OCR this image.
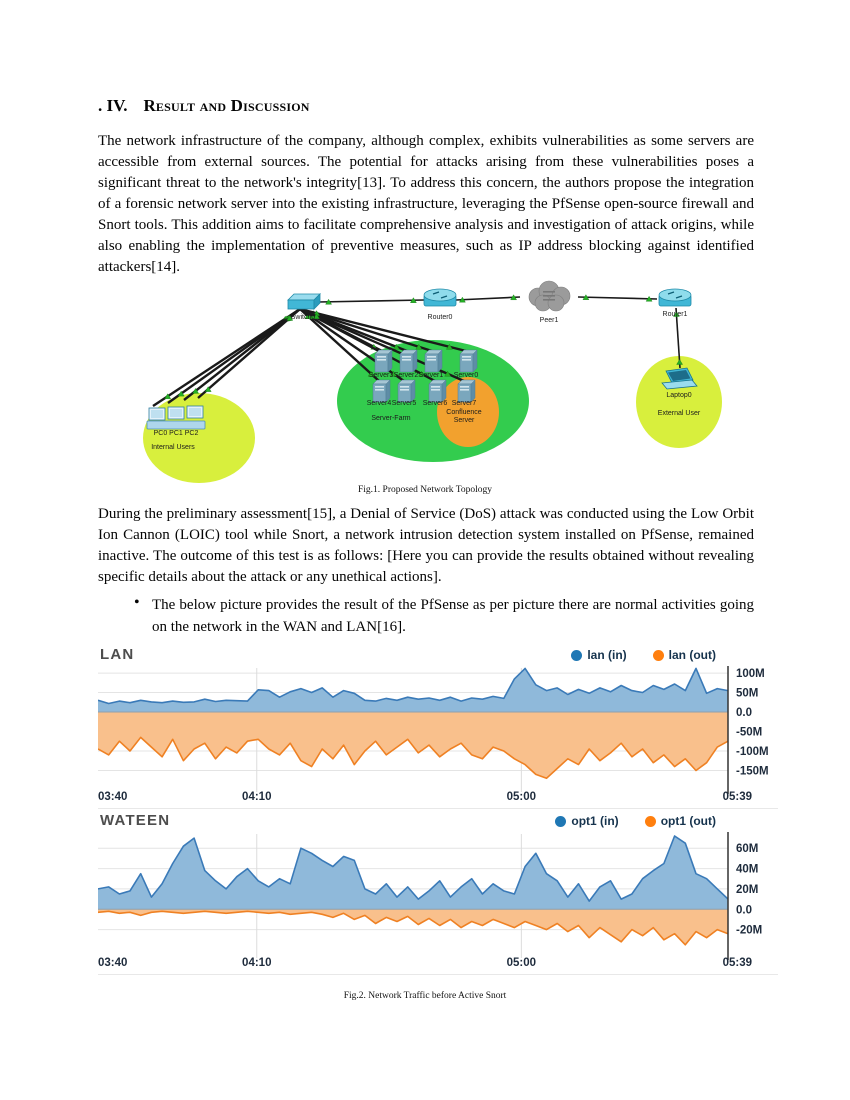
. IV. Result and Discussion

The network infrastructure of the company, although complex, exhibits vulnerabilities as some servers are accessible from external sources. The potential for attacks arising from these vulnerabilities poses a significant threat to the network's integrity[13]. To address this concern, the authors propose the integration of a forensic network server into the existing infrastructure, leveraging the PfSense open-source firewall and Snort tools. This addition aims to facilitate comprehensive analysis and investigation of attack origins, while also enabling the implementation of preventive measures, such as IP address blocking against identified attackers[14].

Switch0	Router0	Peer1
Router1
Laptop0
External User
PC0 PC1 PC2
Internal Users
Server3 Server2 Server1 Server0
Server4 Server5 Server6 Server7
Confluence
Server
Server-Farm
Fig.1. Proposed Network Topology

During the preliminary assessment[15], a Denial of Service (DoS) attack was conducted using the Low Orbit Ion Cannon (LOIC) tool while Snort, a network intrusion detection system installed on PfSense, remained inactive. The outcome of this test is as follows: [Here you can provide the results obtained without revealing specific details about the attack or any unethical actions].

• The below picture provides the result of the PfSense as per picture there are normal activities going on the network in the WAN and LAN[16].
LAN	lan (in)	lan (out)
100M
50M
0.0
-50M
-100M
-150M
03:40	04:10	05:00	05:39
WATEEN	opt1 (in)	opt1 (out)
60M
40M
20M
0.0
-20M
03:40	04:10	05:00	05:39
Fig.2. Network Traffic before Active Snort
